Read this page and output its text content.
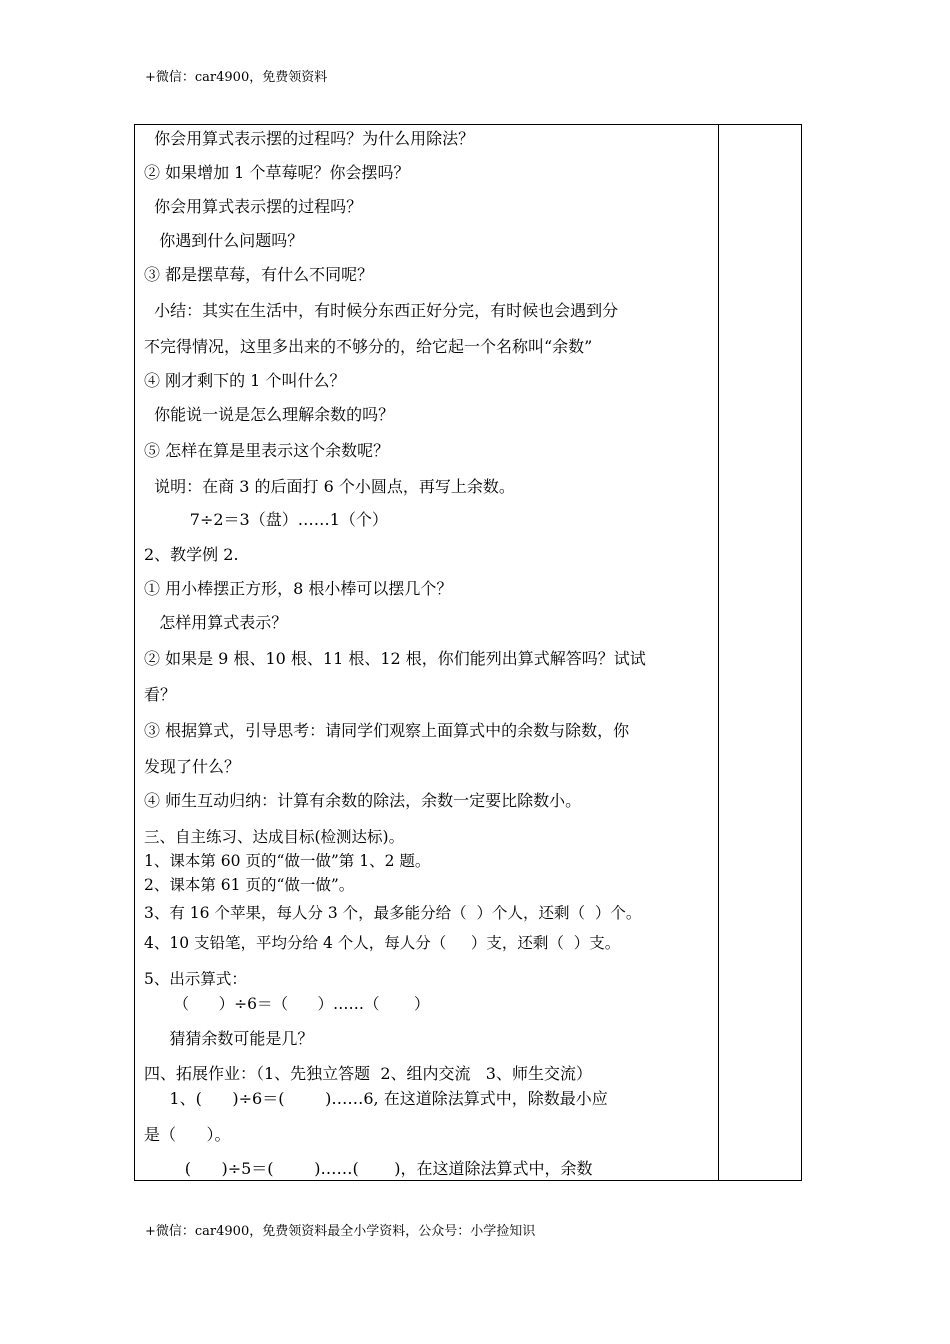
+微信：car4900，免费领资料
你会用算式表示摆的过程吗？为什么用除法？
② 如果增加 1 个草莓呢？你会摆吗？
你会用算式表示摆的过程吗？
你遇到什么问题吗？
③ 都是摆草莓，有什么不同呢？
小结：其实在生活中，有时候分东西正好分完，有时候也会遇到分
不完得情况，这里多出来的不够分的，给它起一个名称叫“余数”
④ 刚才剩下的 1 个叫什么？
你能说一说是怎么理解余数的吗？
⑤ 怎样在算是里表示这个余数呢？
说明：在商 3 的后面打 6 个小圆点，再写上余数。
7÷2＝3（盘）……1（个）
2、教学例 2.
① 用小棒摆正方形，8 根小棒可以摆几个？
怎样用算式表示？
② 如果是 9 根、10 根、11 根、12 根，你们能列出算式解答吗？试试
看？
③ 根据算式，引导思考：请同学们观察上面算式中的余数与除数，你
发现了什么？
④ 师生互动归纳：计算有余数的除法，余数一定要比除数小。
三、自主练习、达成目标(检测达标)。
1、课本第 60 页的“做一做”第 1、2 题。
2、课本第 61 页的“做一做”。
3、有 16 个苹果，每人分 3 个，最多能分给（  ）个人，还剩（  ）个。
4、10 支铅笔，平均分给 4 个人，每人分（     ）支，还剩（  ）支。
5、出示算式：
（      ）÷6＝（      ）……（       ）
猜猜余数可能是几？
四、拓展作业：（1、先独立答题  2、组内交流   3、师生交流）
1、(      )÷6＝(        )……6, 在这道除法算式中，除数最小应
是（      ）。
(      )÷5＝(        )……(       )，在这道除法算式中，余数
+微信：car4900，免费领资料最全小学资料，公众号：小学捡知识
